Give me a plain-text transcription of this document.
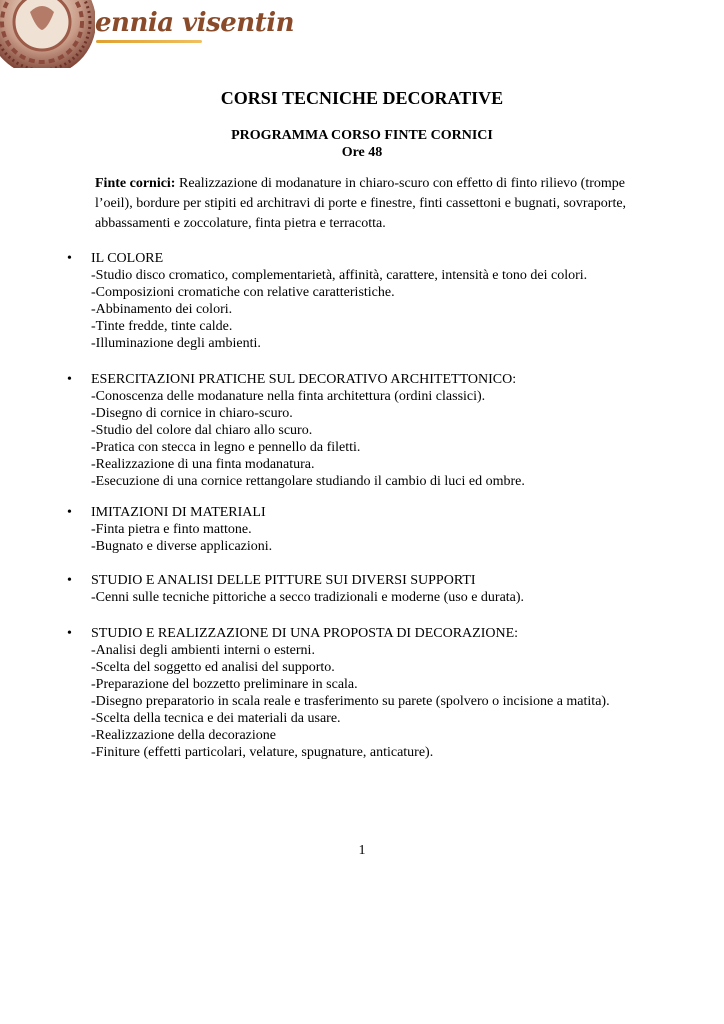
ennia visentin
CORSI TECNICHE DECORATIVE
PROGRAMMA CORSO FINTE CORNICI
Ore 48
Finte cornici: Realizzazione di modanature in chiaro-scuro con effetto di finto rilievo (trompe
l’oeil), bordure per stipiti ed architravi di porte e finestre, finti cassettoni e bugnati, sovraporte,
abbassamenti e zoccolature, finta pietra e terracotta.
• IL COLORE
-Studio disco cromatico, complementarietà, affinità, carattere, intensità e tono dei colori.
-Composizioni cromatiche con relative caratteristiche.
-Abbinamento dei colori.
-Tinte fredde, tinte calde.
-Illuminazione degli ambienti.
• ESERCITAZIONI PRATICHE SUL DECORATIVO ARCHITETTONICO:
-Conoscenza delle modanature nella finta architettura (ordini classici).
-Disegno di cornice in chiaro-scuro.
-Studio del colore dal chiaro allo scuro.
-Pratica con stecca in legno e pennello da filetti.
-Realizzazione di una finta modanatura.
-Esecuzione di una cornice rettangolare studiando il cambio di luci ed ombre.
• IMITAZIONI DI MATERIALI
-Finta pietra e finto mattone.
-Bugnato e diverse applicazioni.
• STUDIO E ANALISI DELLE PITTURE SUI DIVERSI SUPPORTI
-Cenni sulle tecniche pittoriche a secco tradizionali e moderne (uso e durata).
• STUDIO E REALIZZAZIONE DI UNA PROPOSTA DI DECORAZIONE:
-Analisi degli ambienti interni o esterni.
-Scelta del soggetto ed analisi del supporto.
-Preparazione del bozzetto preliminare in scala.
-Disegno preparatorio in scala reale e trasferimento su parete (spolvero o incisione a matita).
-Scelta della tecnica e dei materiali da usare.
-Realizzazione della decorazione
-Finiture (effetti particolari, velature, spugnature, anticature).
1
